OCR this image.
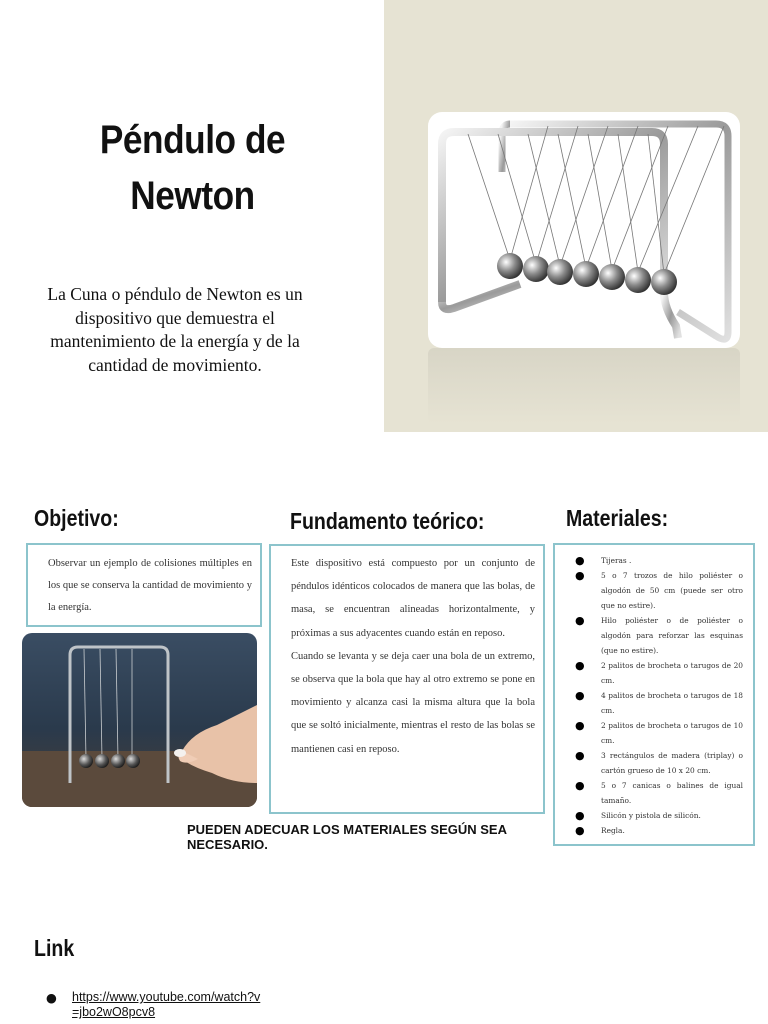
Péndulo de Newton
La Cuna o péndulo de Newton es un dispositivo que demuestra el mantenimiento de la energía y de la cantidad de movimiento.
Objetivo:
Observar un ejemplo de colisiones múltiples en los que se conserva la cantidad de movimiento y la energía.
Fundamento teórico:

Este dispositivo está compuesto por un conjunto de péndulos idénticos colocados de manera que las bolas, de masa, se encuentran alineadas horizontalmente, y próximas a sus adyacentes cuando están en reposo.

Cuando se levanta y se deja caer una bola de un extremo, se observa que la bola que hay al otro extremo se pone en movimiento y alcanza casi la misma altura que la bola que se soltó inicialmente, mientras el resto de las bolas se mantienen casi en reposo.

Materiales:
● Tijeras .
● 5 o 7 trozos de hilo poliéster o algodón de 50 cm (puede ser otro que no estire).
● Hilo poliéster o de poliéster o algodón para reforzar las esquinas (que no estire).
● 2 palitos de brocheta o tarugos de 20 cm.
● 4 palitos de brocheta o tarugos de 18 cm.
● 2 palitos de brocheta o tarugos de 10 cm.
● 3 rectángulos de madera (triplay) o cartón grueso de 10 x 20 cm.
● 5 o 7 canicas o balines de igual tamaño.
● Silicón y pistola de silicón.
● Regla.
PUEDEN ADECUAR LOS MATERIALES SEGÚN SEA NECESARIO.
Link
● https://www.youtube.com/watch?v=jbo2wO8pcv8
